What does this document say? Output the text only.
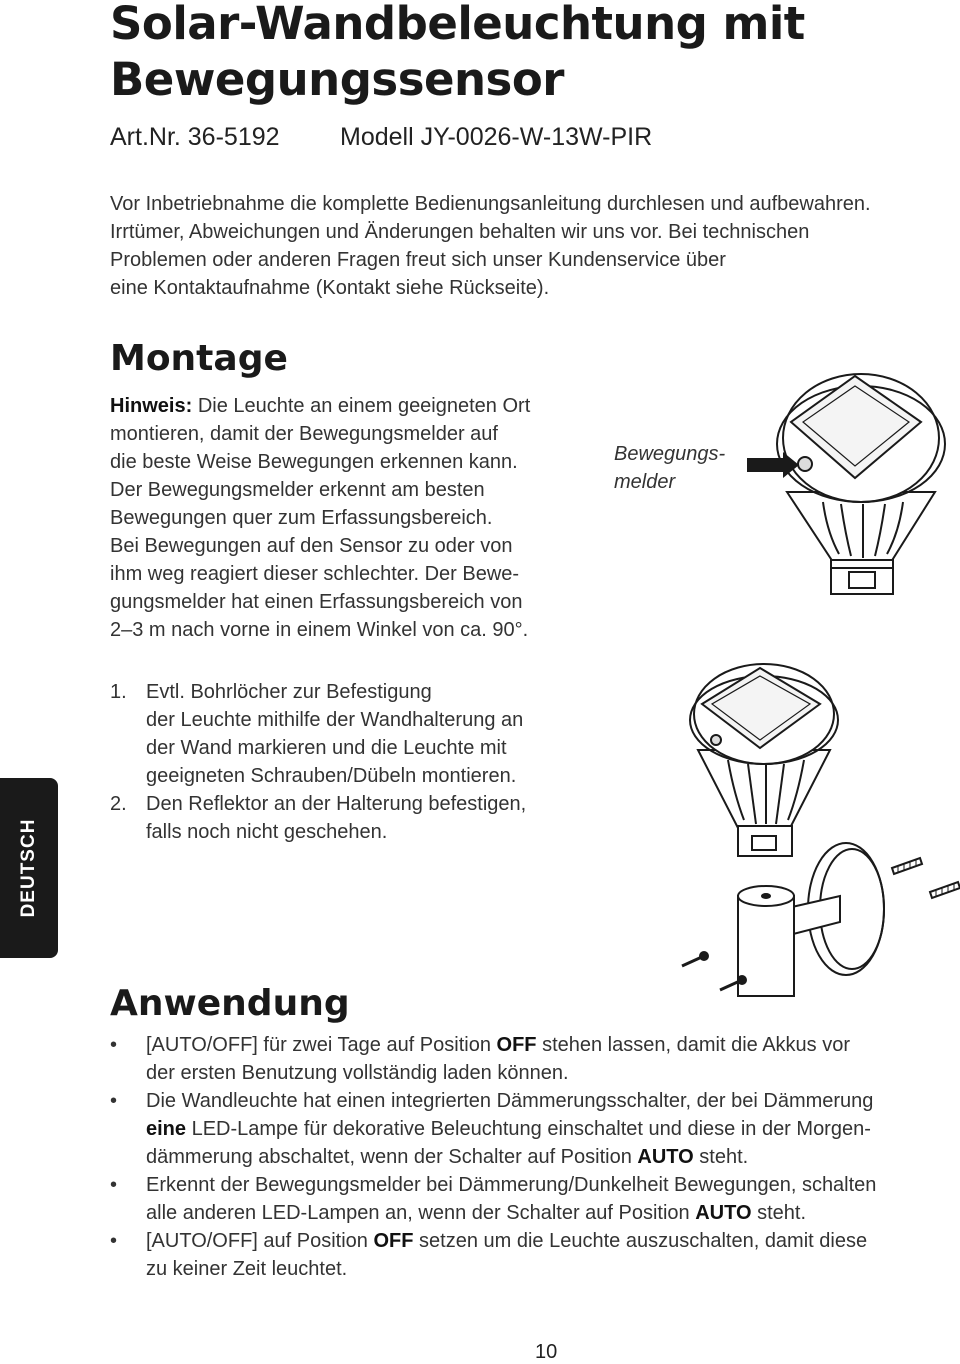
Solar-Wandbeleuchtung mit
Bewegungssensor
Art.Nr. 36-5192 Modell JY-0026-W-13W-PIR
Vor Inbetriebnahme die komplette Bedienungsanleitung durchlesen und aufbewahren.
Irrtümer, Abweichungen und Änderungen behalten wir uns vor. Bei technischen
Problemen oder anderen Fragen freut sich unser Kundenservice über
eine Kontaktaufnahme (Kontakt siehe Rückseite).
Montage
Hinweis: Die Leuchte an einem geeigneten Ort
montieren, damit der Bewegungsmelder auf
die beste Weise Bewegungen erkennen kann.
Der Bewegungsmelder erkennt am besten
Bewegungen quer zum Erfassungsbereich.
Bei Bewegungen auf den Sensor zu oder von
ihm weg reagiert dieser schlechter. Der Bewe-
gungsmelder hat einen Erfassungsbereich von
2–3 m nach vorne in einem Winkel von ca. 90°.
Bewegungs-
melder
1. Evtl. Bohrlöcher zur Befestigung
der Leuchte mithilfe der Wandhalterung an
der Wand markieren und die Leuchte mit
geeigneten Schrauben/Dübeln montieren.
2. Den Reflektor an der Halterung befestigen,
falls noch nicht geschehen.
DEUTSCH
Anwendung
• [AUTO/OFF] für zwei Tage auf Position OFF stehen lassen, damit die Akkus vor
der ersten Benutzung vollständig laden können.
• Die Wandleuchte hat einen integrierten Dämmerungsschalter, der bei Dämmerung
eine LED-Lampe für dekorative Beleuchtung einschaltet und diese in der Morgen-
dämmerung abschaltet, wenn der Schalter auf Position AUTO steht.
• Erkennt der Bewegungsmelder bei Dämmerung/Dunkelheit Bewegungen, schalten
alle anderen LED-Lampen an, wenn der Schalter auf Position AUTO steht.
• [AUTO/OFF] auf Position OFF setzen um die Leuchte auszuschalten, damit diese
zu keiner Zeit leuchtet.
10
